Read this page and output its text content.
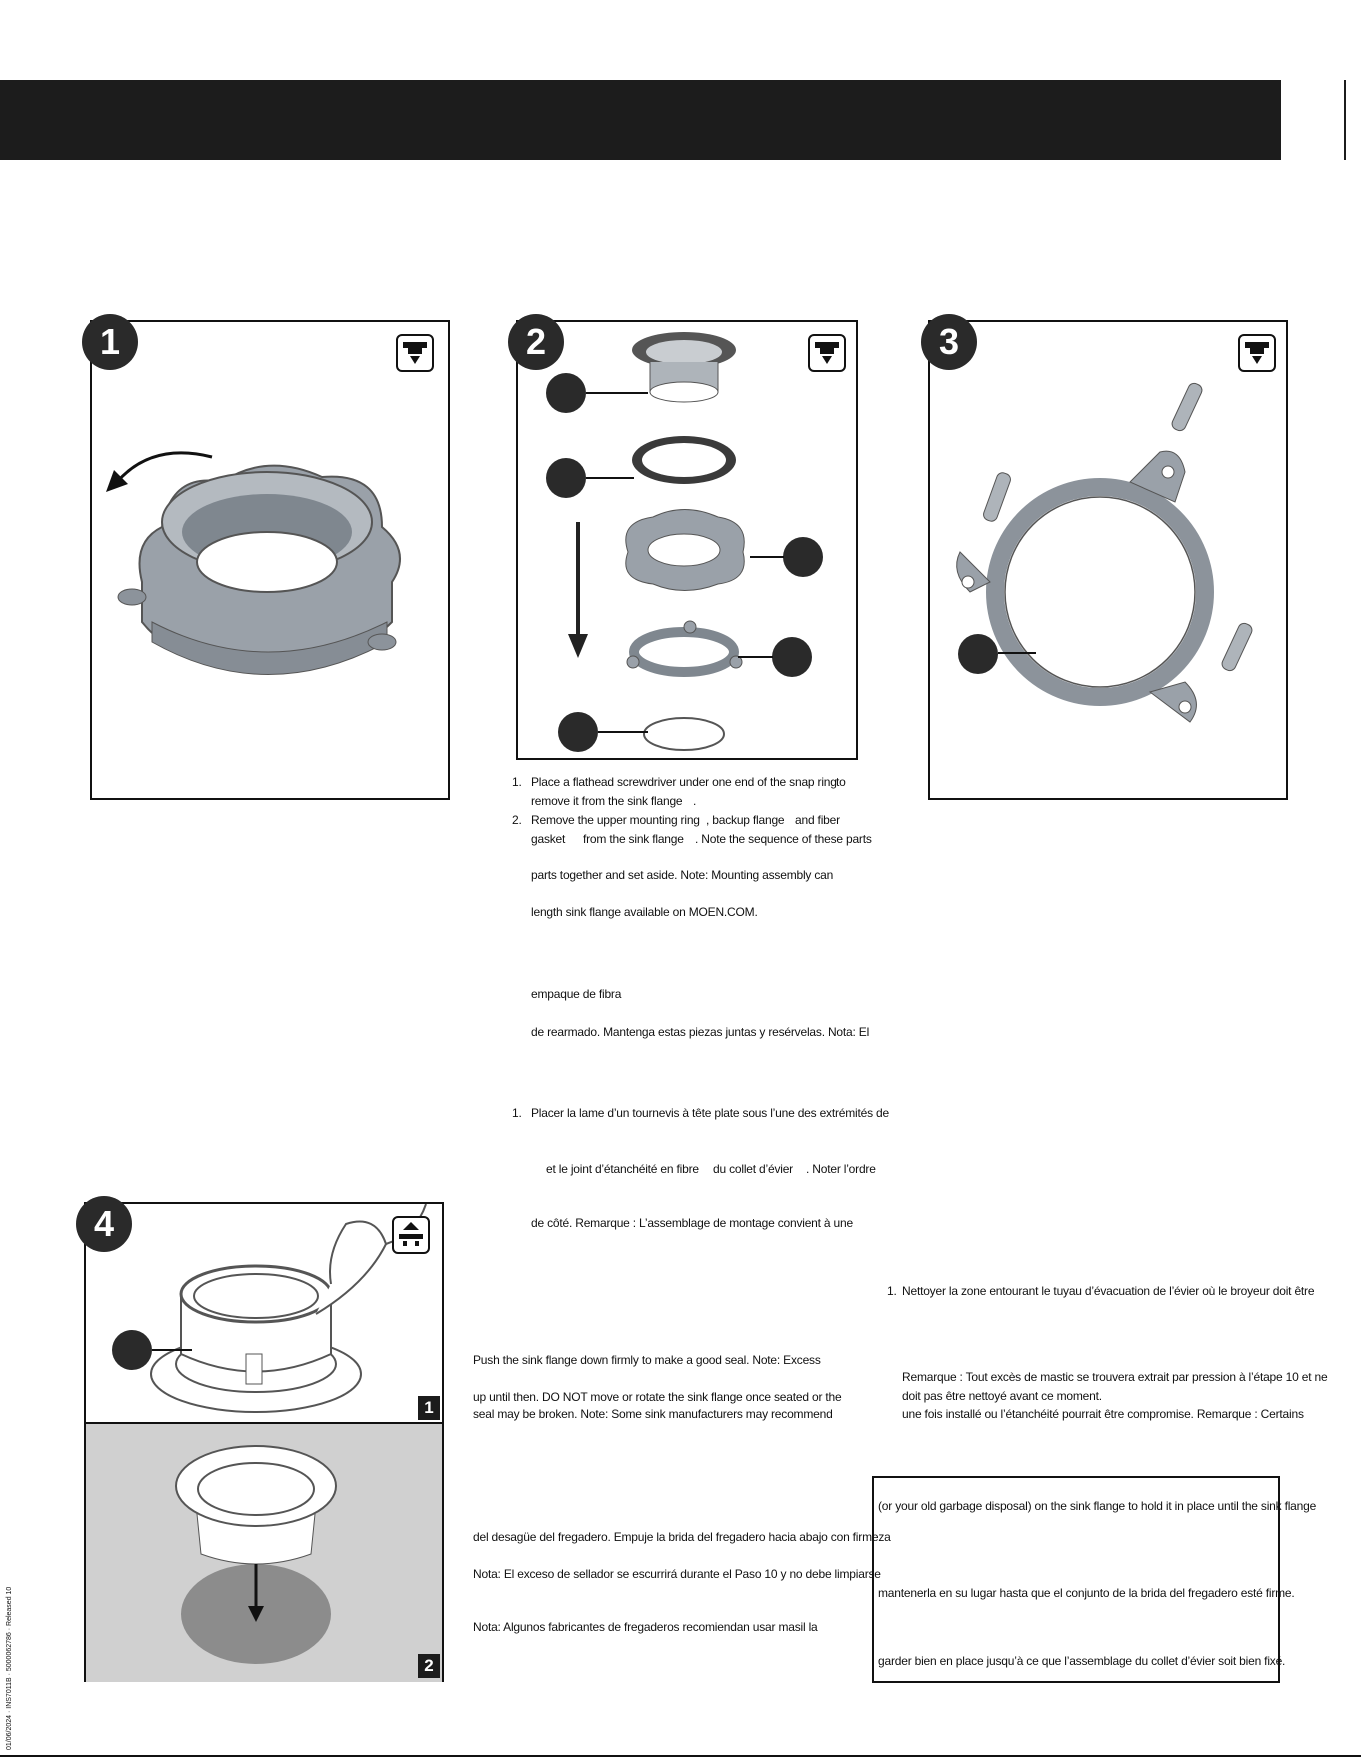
1	2	3
1. Place a flathead screwdriver under one end of the snap ring to
remove it from the sink flange .
2. Remove the upper mounting ring , backup flange and fiber
gasket from the sink flange . Note the sequence of these parts
parts together and set aside. Note: Mounting assembly can
length sink flange available on MOEN.COM.
empaque de fibra
de rearmado. Mantenga estas piezas juntas y resérvelas. Nota: El
1. Placer la lame d’un tournevis à tête plate sous l’une des extrémités de
et le joint d’étanchéité en fibre du collet d’évier . Noter l’ordre
de côté. Remarque : L’assemblage de montage convient à une
1
2
4
Push the sink flange down firmly to make a good seal. Note: Excess
up until then. DO NOT move or rotate the sink flange once seated or the
seal may be broken. Note: Some sink manufacturers may recommend
del desagüe del fregadero. Empuje la brida del fregadero hacia abajo con firmeza
Nota: El exceso de sellador se escurrirá durante el Paso 10 y no debe limpiarse
Nota: Algunos fabricantes de fregaderos recomiendan usar masil la
1. Nettoyer la zone entourant le tuyau d’évacuation de l’évier où le broyeur doit être
Remarque : Tout excès de mastic se trouvera extrait par pression à l’étape 10 et ne
doit pas être nettoyé avant ce moment.
une fois installé ou l’étanchéité pourrait être compromise. Remarque : Certains
(or your old garbage disposal) on the sink flange to hold it in place until the sink flange
mantenerla en su lugar hasta que el conjunto de la brida del fregadero esté firme.
garder bien en place jusqu’à ce que l’assemblage du collet d’évier soit bien fixé.
01/06/2024 · INS7011B · 5000062786 · Released 10
